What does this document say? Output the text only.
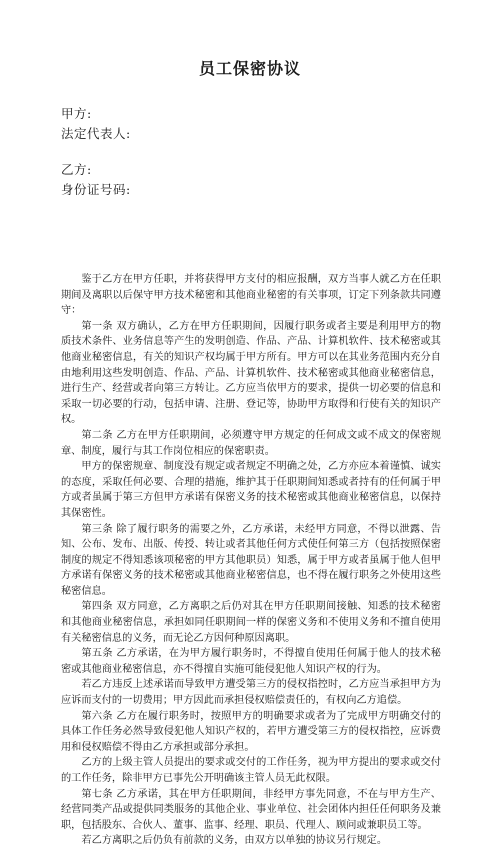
员工保密协议
甲方:
法定代表人:
乙方:
身份证号码:

鉴于乙方在甲方任职，并将获得甲方支付的相应报酬，双方当事人就乙方在任职期间及离职以后保守甲方技术秘密和其他商业秘密的有关事项，订定下列条款共同遵守：

第一条 双方确认，乙方在甲方任职期间，因履行职务或者主要是利用甲方的物质技术条件、业务信息等产生的发明创造、作品、产品、计算机软件、技术秘密或其他商业秘密信息，有关的知识产权均属于甲方所有。甲方可以在其业务范围内充分自由地利用这些发明创造、作品、产品、计算机软件、技术秘密或其他商业秘密信息，进行生产、经营或者向第三方转让。乙方应当依甲方的要求，提供一切必要的信息和采取一切必要的行动，包括申请、注册、登记等，协助甲方取得和行使有关的知识产权。

第二条 乙方在甲方任职期间，必须遵守甲方规定的任何成文或不成文的保密规章、制度，履行与其工作岗位相应的保密职责。

甲方的保密规章、制度没有规定或者规定不明确之处，乙方亦应本着谨慎、诚实的态度，采取任何必要、合理的措施，维护其于任职期间知悉或者持有的任何属于甲方或者虽属于第三方但甲方承诺有保密义务的技术秘密或其他商业秘密信息，以保持其保密性。

第三条 除了履行职务的需要之外，乙方承诺，未经甲方同意，不得以泄露、告知、公布、发布、出版、传授、转让或者其他任何方式使任何第三方（包括按照保密制度的规定不得知悉该项秘密的甲方其他职员）知悉，属于甲方或者虽属于他人但甲方承诺有保密义务的技术秘密或其他商业秘密信息，也不得在履行职务之外使用这些秘密信息。

第四条 双方同意，乙方离职之后仍对其在甲方任职期间接触、知悉的技术秘密和其他商业秘密信息，承担如同任职期间一样的保密义务和不使用义务和不擅自使用有关秘密信息的义务，而无论乙方因何种原因离职。

第五条 乙方承诺，在为甲方履行职务时，不得擅自使用任何属于他人的技术秘密或其他商业秘密信息，亦不得擅自实施可能侵犯他人知识产权的行为。

若乙方违反上述承诺而导致甲方遭受第三方的侵权指控时，乙方应当承担甲方为应诉而支付的一切费用；甲方因此而承担侵权赔偿责任的，有权向乙方追偿。

第六条 乙方在履行职务时，按照甲方的明确要求或者为了完成甲方明确交付的具体工作任务必然导致侵犯他人知识产权的，若甲方遭受第三方的侵权指控，应诉费用和侵权赔偿不得由乙方承担或部分承担。

乙方的上级主管人员提出的要求或交付的工作任务，视为甲方提出的要求或交付的工作任务，除非甲方已事先公开明确该主管人员无此权限。

第七条 乙方承诺，其在甲方任职期间，非经甲方事先同意，不在与甲方生产、经营同类产品或提供同类服务的其他企业、事业单位、社会团体内担任任何职务及兼职，包括股东、合伙人、董事、监事、经理、职员、代理人、顾问或兼职员工等。

若乙方离职之后仍负有前款的义务，由双方以单独的协议另行规定。
